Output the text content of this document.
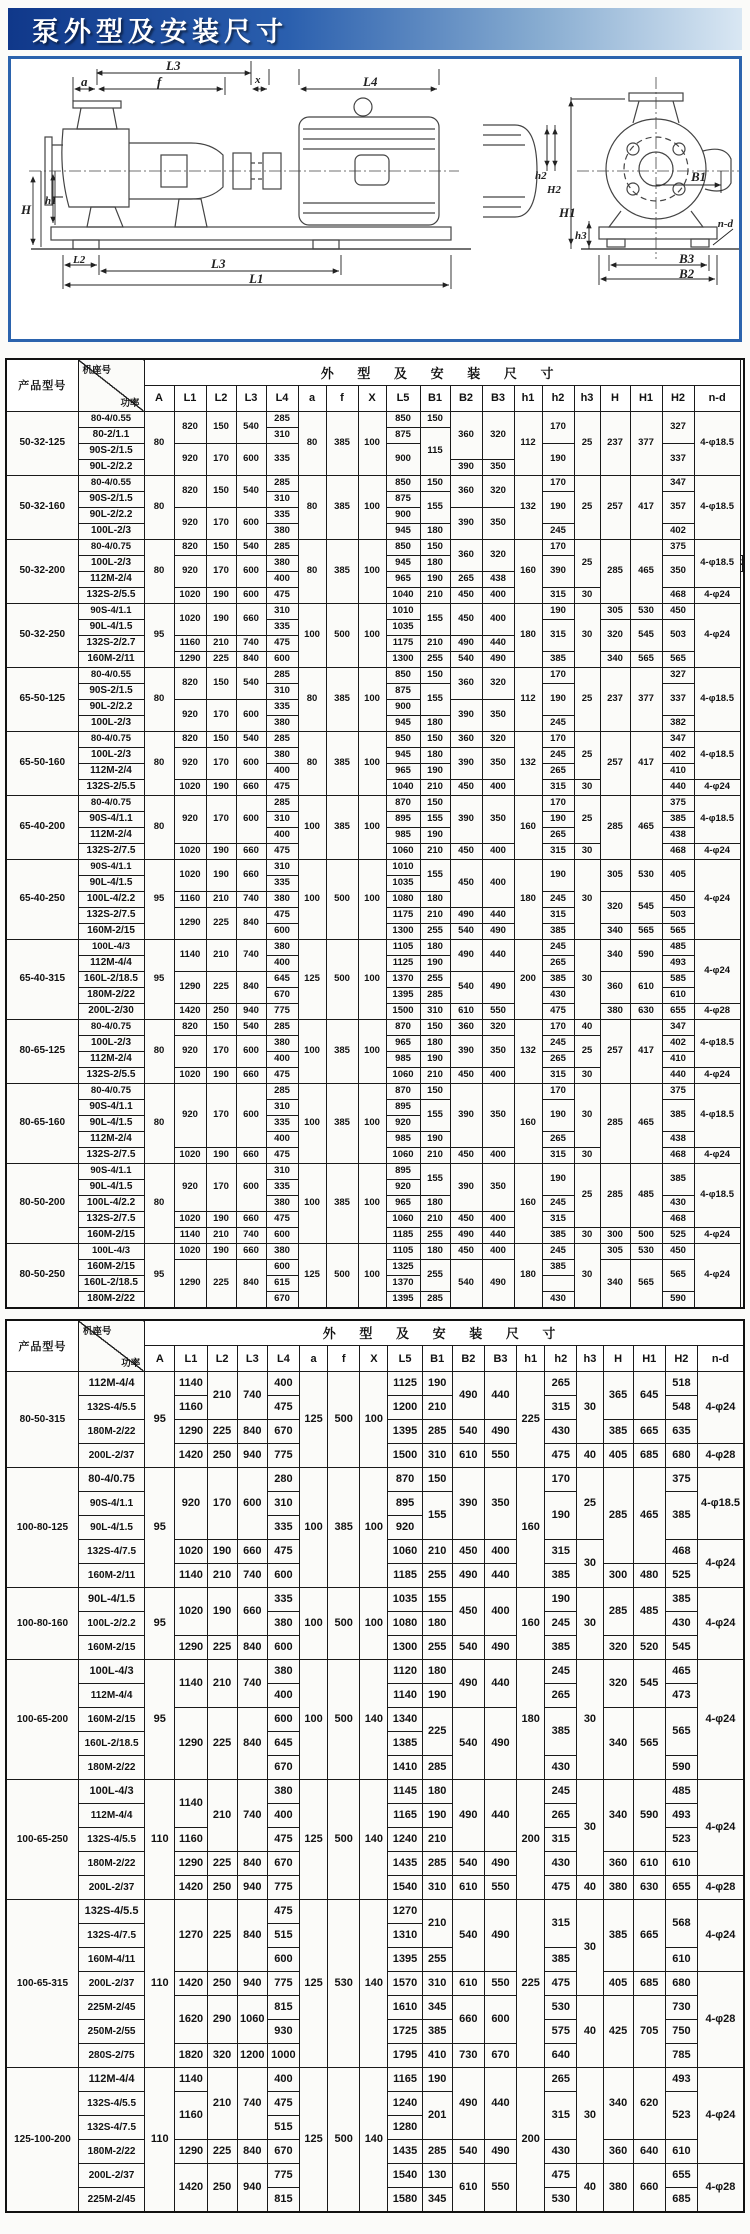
泵外型及安装尺寸
L3
x
a	f	L4
H
h1
L2	L3
L1
h2
H2
H1
h3
B1
n-d
B3
B2
产品型号	机座号
功率	外 型 及 安 装 尺 寸																				
		A	L1	L2	L3	L4	a	f	X	L5	B1	B2	B3	h1	h2	h3	H	H1	H2	n-d		
50-32-125	80-4/0.55	80	820	150	540	285	80	385	100	850	150	360	320	112	170	25	237	377	327	4-φ18.5		
	80-2/1.1					310				875	115											
	90S-2/1.5		920	170	600	335				900					190				337			
	90L-2/2.2											390	350									
50-32-160	80-4/0.55	80	820	150	540	285	80	385	100	850	150	360	320	132	170	25	257	417	347	4-φ18.5		
	90S-2/1.5					310				875	155				190				357			
	90L-2/2.2		920	170	600	335				900		390	350									
	100L-2/3					380				945	180				245				402			
50-32-200	80-4/0.75	80	820	150	540	285	80	385	100	850	150	360	320	160	170	25	285	465	375	4-φ18.5		
	100L-2/3		920	170	600	380				945	180				390				350		
	112M-2/4					400				965	190	265	438									
	132S-2/5.5		1020	190	600	475				1040	210	450	400		315	30			468	4-φ24		
50-32-250	90S-4/1.1	95	1020	190	660	310	100	500	100	1010	155	450	400	180	190	30	305	530	450	4-φ24		
	90L-4/1.5					335				1035					315		320	545	503			
	132S-2/2.7		1160	210	740	475				1175	210	490	440									
	160M-2/11		1290	225	840	600				1300	255	540	490		385		340	565	565			
65-50-125	80-4/0.55	80	820	150	540	285	80	385	100	850	150	360	320	112	170	25	237	377	327	4-φ18.5		
	90S-2/1.5					310				875	155				190				337			
	90L-2/2.2		920	170	600	335				900		390	350									
	100L-2/3					380				945	180				245				382			
65-50-160	80-4/0.75	80	820	150	540	285	80	385	100	850	150	360	320	132	170	25	257	417	347	4-φ18.5		
	100L-2/3		920	170	600	380				945	180	390	350		245				402			
	112M-2/4					400				965	190				265				410			
	132S-2/5.5		1020	190	660	475				1040	210	450	400		315	30			440	4-φ24		
65-40-200	80-4/0.75	80	920	170	600	285	100	385	100	870	150	390	350	160	170	25	285	465	375	4-φ18.5		
	90S-4/1.1					310				895	155				190				385			
	112M-2/4					400				985	190				265				438			
	132S-2/7.5		1020	190	660	475				1060	210	450	400		315	30			468	4-φ24		
65-40-250	90S-4/1.1	95	1020	190	660	310	100	500	100	1010	155	450	400	180	190	30	305	530	405	4-φ24		
	90L-4/1.5					335				1035												
	100L-4/2.2		1160	210	740	380				1080	180				245		320	545	450			
	132S-2/7.5		1290	225	840	475				1175	210	490	440		315				503			
	160M-2/15					600				1300	255	540	490		385		340	565	565			
65-40-315	100L-4/3	95	1140	210	740	380	125	500	100	1105	180	490	440	200	245	30	340	590	485	4-φ24		
	112M-4/4					400				1125	190				265				493			
	160L-2/18.5		1290	225	840	645				1370	255	540	490		385		360	610	585			
	180M-2/22					670				1395	285				430				610			
	200L-2/30		1420	250	940	775				1500	310	610	550		475		380	630	655	4-φ28		
80-65-125	80-4/0.75	80	820	150	540	285	100	385	100	870	150	360	320	132	170	40	257	417	347	4-φ18.5		
	100L-2/3		920	170	600	380				965	180	390	350		245	25			402			
	112M-2/4					400				985	190				265				410			
	132S-2/5.5		1020	190	660	475				1060	210	450	400		315	30			440	4-φ24		
80-65-160	80-4/0.75	80	920	170	600	285	100	385	100	870	150	390	350	160	170	30	285	465	375	4-φ18.5		
	90S-4/1.1					310				895	155				190				385			
	90L-4/1.5					335				920												
	112M-2/4					400				985	190				265				438			
	132S-2/7.5		1020	190	660	475				1060	210	450	400		315	30			468	4-φ24		
80-50-200	90S-4/1.1	80	920	170	600	310	100	385	100	895	155	390	350	160	190	25	285	485	385	4-φ18.5		
	90L-4/1.5					335				920												
	100L-4/2.2					380				965	180				245				430			
	132S-2/7.5		1020	190	660	475				1060	210	450	400		315				468			
	160M-2/15		1140	210	740	600				1185	255	490	440		385	30	300	500	525	4-φ24		
80-50-250	100L-4/3	95	1020	190	660	380	125	500	100	1105	180	450	400	180	245	30	305	530	450	4-φ24		
	160M-2/15		1290	225	840	600				1325	255	540	490		385		340	565	565			
	160L-2/18.5					615				1370												
	180M-2/22					670				1395	285				430				590			
产品型号	机座号
功率	外 型 及 安 装 尺 寸																		
		A	L1	L2	L3	L4	a	f	X	L5	B1	B2	B3	h1	h2	h3	H	H1	H2	n-d
80-50-315	112M-4/4	95	1140	210	740	400	125	500	100	1125	190	490	440	225	265	30	365	645	518	4-φ24
	132S-4/5.5		1160			475				1200	210				315				548	
	180M-2/22		1290	225	840	670				1395	285	540	490		430		385	665	635	
	200L-2/37		1420	250	940	775				1500	310	610	550		475	40	405	685	680	4-φ28
100-80-125	80-4/0.75	95	920	170	600	280	100	385	100	870	150	390	350	160	170	25	285	465	375	4-φ18.5
	90S-4/1.1					310				895	155				190				385	
	90L-4/1.5					335				920										
	132S-4/7.5		1020	190	660	475				1060	210	450	400		315	30			468	4-φ24
	160M-2/11		1140	210	740	600				1185	255	490	440		385		300	480	525	
100-80-160	90L-4/1.5	95	1020	190	660	335	100	500	100	1035	155	450	400	160	190	30	285	485	385	4-φ24
	100L-2/2.2					380				1080	180				245				430	
	160M-2/15		1290	225	840	600				1300	255	540	490		385		320	520	545	
100-65-200	100L-4/3	95	1140	210	740	380	100	500	140	1120	180	490	440	180	245	30	320	545	465	4-φ24
	112M-4/4					400				1140	190				265				473	
	160M-2/15		1290	225	840	600				1340	225	540	490		385		340	565	565	
	160L-2/18.5					645				1385										
	180M-2/22					670				1410	285				430				590	
100-65-250	100L-4/3	110	1140	210	740	380	125	500	140	1145	180	490	440	200	245	30	340	590	485	4-φ24
	112M-4/4					400				1165	190				265				493	
	132S-4/5.5		1160			475				1240	210				315				523	
	180M-2/22		1290	225	840	670				1435	285	540	490		430		360	610	610	
	200L-2/37		1420	250	940	775				1540	310	610	550		475	40	380	630	655	4-φ28
100-65-315	132S-4/5.5	110	1270	225	840	475	125	530	140	1270	210	540	490	225	315	30	385	665	568	4-φ24
	132S-4/7.5					515				1310										
	160M-4/11					600				1395	255				385				610	
	200L-2/37		1420	250	940	775				1570	310	610	550		475		405	685	680	4-φ28
	225M-2/45		1620	290	1060	815				1610	345	660	600		530	40	425	705	730	
	250M-2/55					930				1725	385				575				750	
	280S-2/75		1820	320	1200	1000				1795	410	730	670		640				785	
125-100-200	112M-4/4	110	1140	210	740	400	125	500	140	1165	190	490	440	200	265	30	340	620	493	4-φ24
	132S-4/5.5		1160			475				1240	201				315				523	
	132S-4/7.5					515				1280										
	180M-2/22		1290	225	840	670				1435	285	540	490		430		360	640	610	
	200L-2/37		1420	250	940	775				1540	130	610	550		475	40	380	660	655	4-φ28
	225M-2/45					815				1580	345				530				685	
